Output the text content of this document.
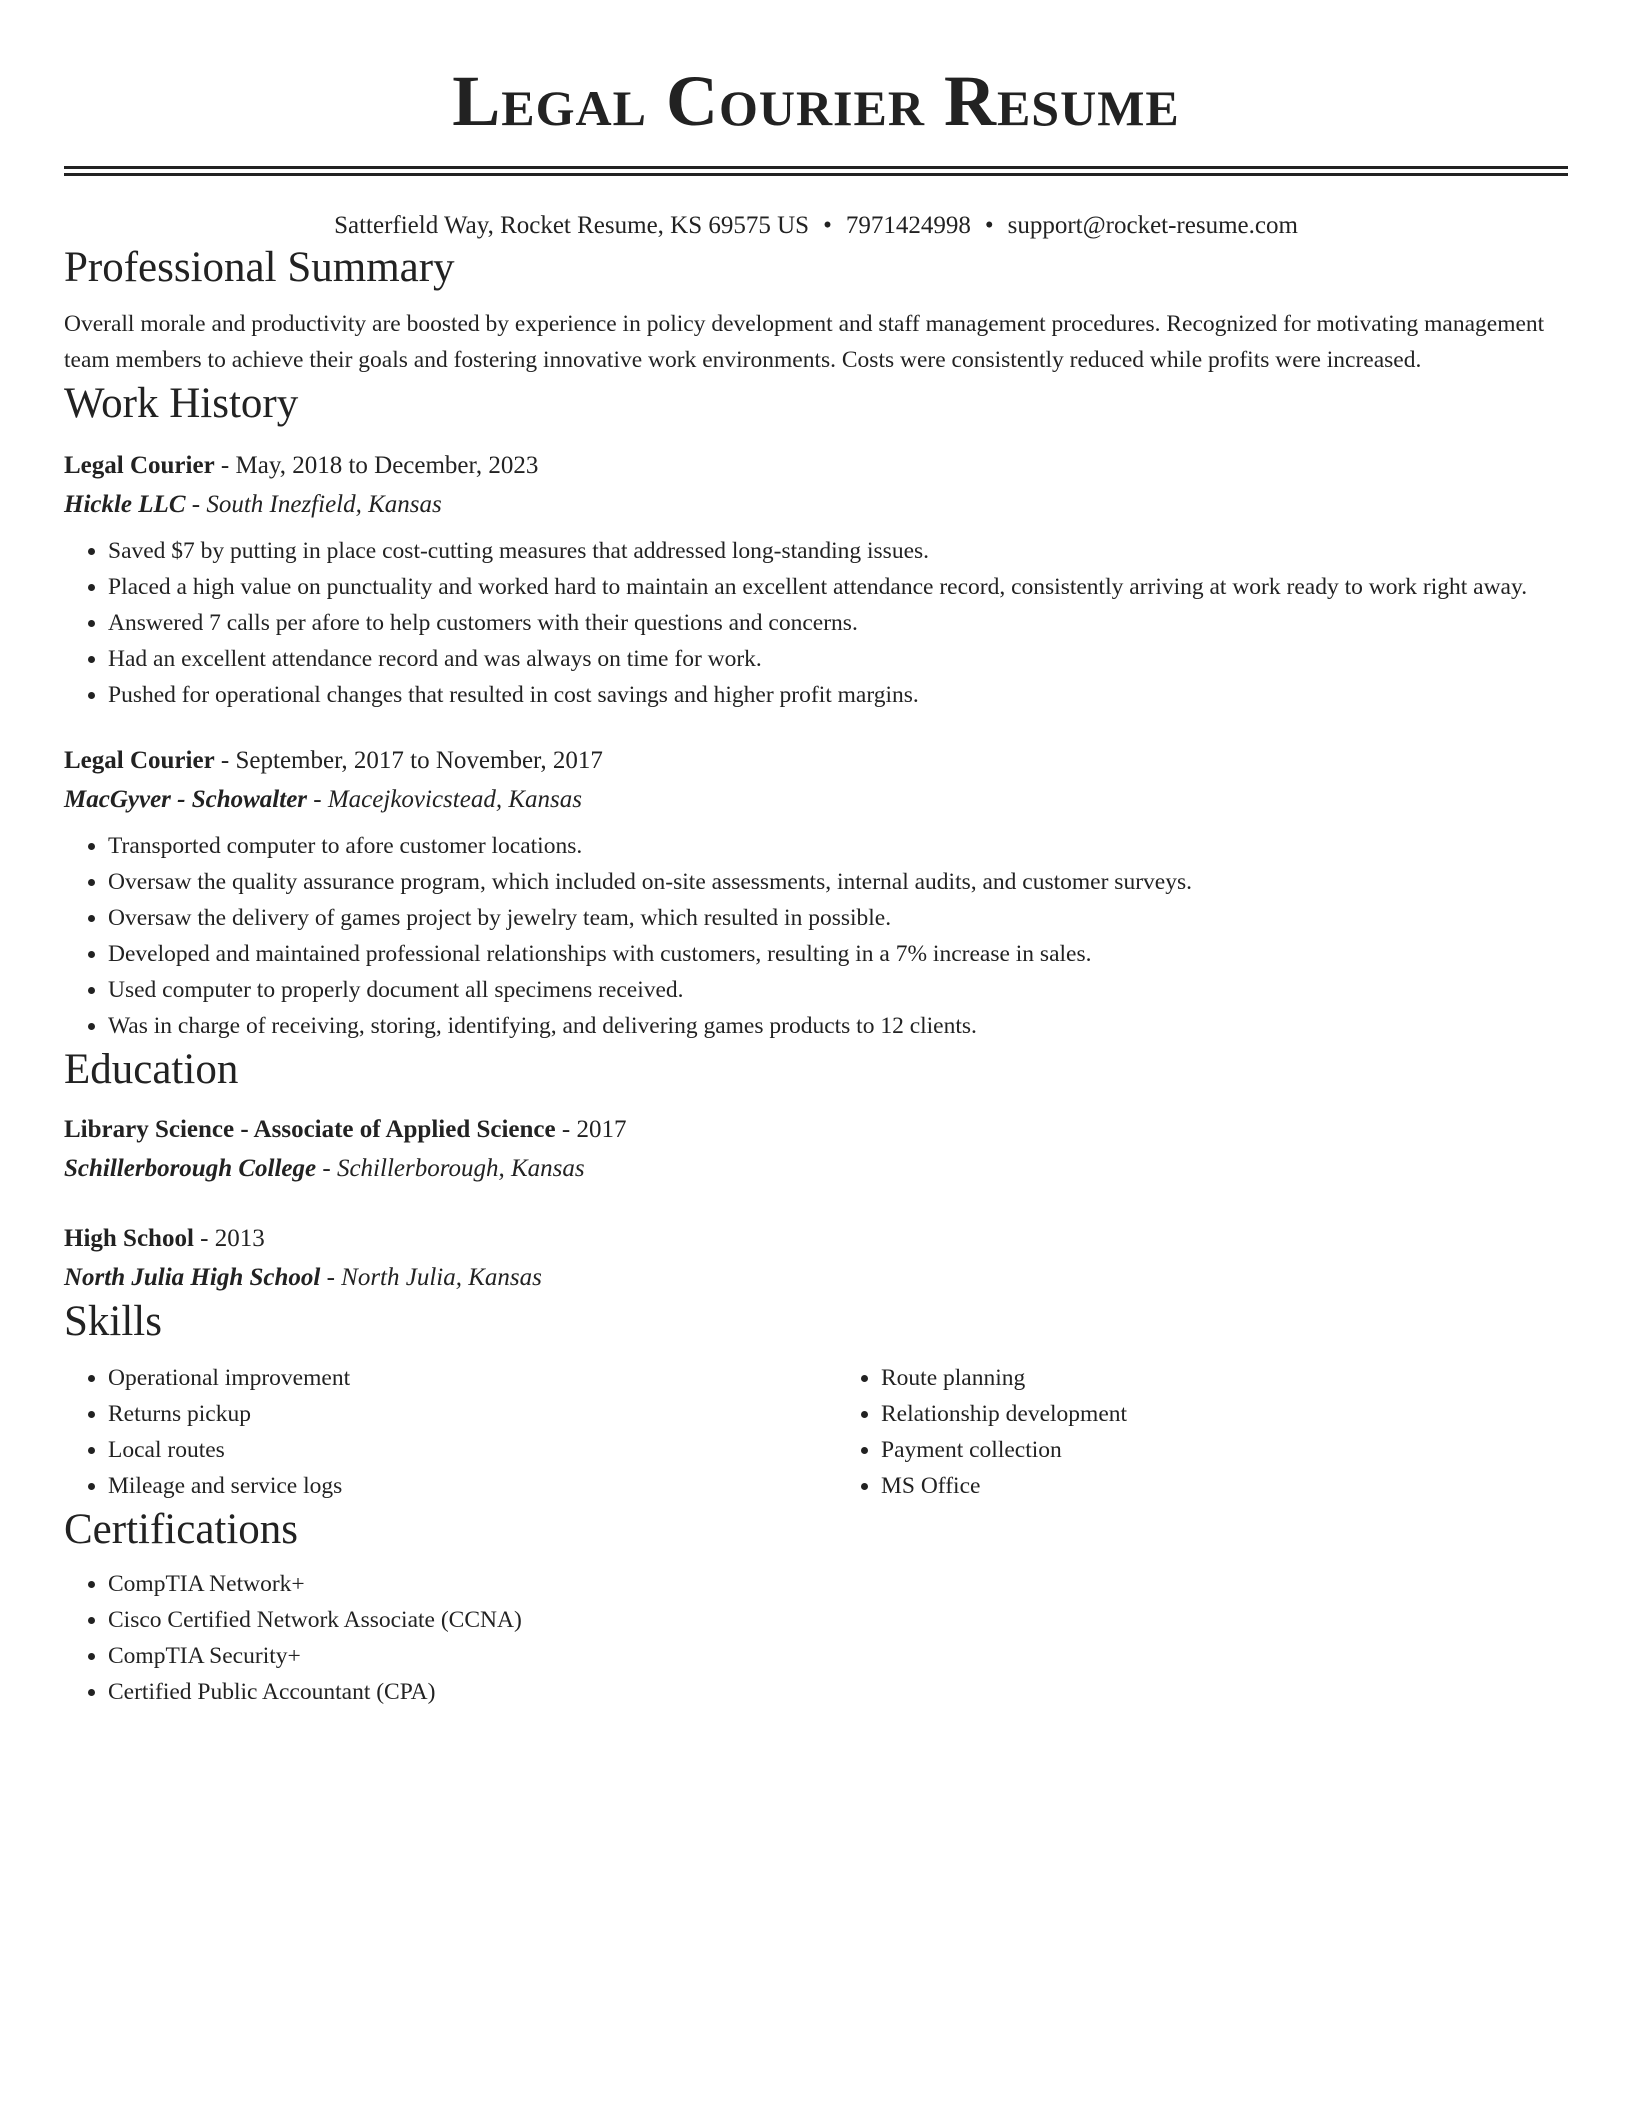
Legal Courier Resume
Satterfield Way, Rocket Resume, KS 69575 US • 7971424998 • support@rocket-resume.com
Professional Summary
Overall morale and productivity are boosted by experience in policy development and staff management procedures. Recognized for motivating management team members to achieve their goals and fostering innovative work environments. Costs were consistently reduced while profits were increased.
Work History
Legal Courier - May, 2018 to December, 2023
Hickle LLC - South Inezfield, Kansas
• Saved $7 by putting in place cost-cutting measures that addressed long-standing issues.
• Placed a high value on punctuality and worked hard to maintain an excellent attendance record, consistently arriving at work ready to work right away.
• Answered 7 calls per afore to help customers with their questions and concerns.
• Had an excellent attendance record and was always on time for work.
• Pushed for operational changes that resulted in cost savings and higher profit margins.
Legal Courier - September, 2017 to November, 2017
MacGyver - Schowalter - Macejkovicstead, Kansas
• Transported computer to afore customer locations.
• Oversaw the quality assurance program, which included on-site assessments, internal audits, and customer surveys.
• Oversaw the delivery of games project by jewelry team, which resulted in possible.
• Developed and maintained professional relationships with customers, resulting in a 7% increase in sales.
• Used computer to properly document all specimens received.
• Was in charge of receiving, storing, identifying, and delivering games products to 12 clients.
Education
Library Science - Associate of Applied Science - 2017
Schillerborough College - Schillerborough, Kansas
High School - 2013
North Julia High School - North Julia, Kansas
Skills
• Operational improvement
• Returns pickup
• Local routes
• Mileage and service logs
• Route planning
• Relationship development
• Payment collection
• MS Office
Certifications
• CompTIA Network+
• Cisco Certified Network Associate (CCNA)
• CompTIA Security+
• Certified Public Accountant (CPA)
